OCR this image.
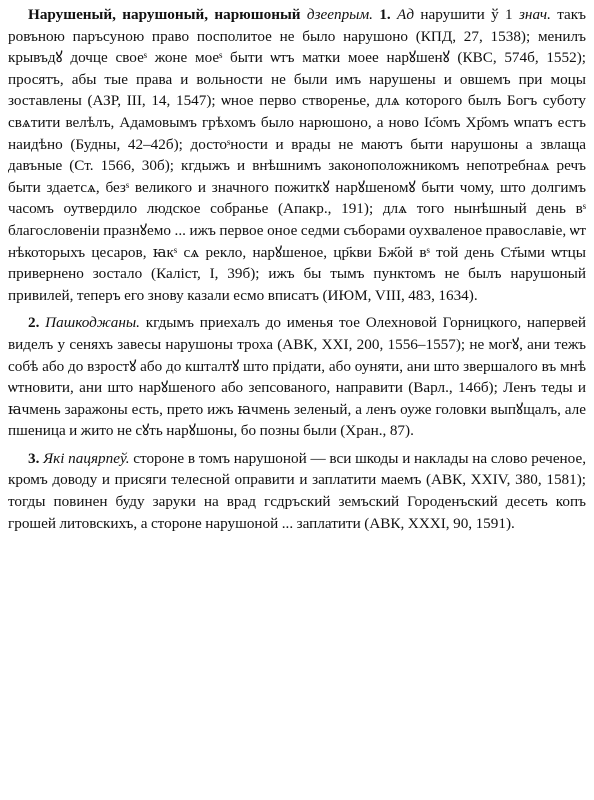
Нарушеный, нарушоный, нарюшоный дзеепрым. 1. Ад нарушити ў 1 знач. такъ ровъною паръсуною право посполитое не было нарушоно (КПД, 27, 1538); менилъ крывъдꙋ дочце своеˢ жоне моеˢ быти ѡтъ матки моее нарꙋшенꙋ (КВС, 574б, 1552); просятъ, абы тые права и вольности не были имъ нарушены и овшемъ при моцы зоставлены (АЗР, III, 14, 1547); ѡное перво створенье, длѧ которого былъ Богъ суботу свѧтити велѣлъ, Адамовымъ грѣхомъ было нарюшоно, а ново Іс҃омъ Хр҃омъ ѡпатъ естъ наидѣно (Будны, 42–42б); достоˢности и врады не маютъ быти нарушоны а звлаща давъные (Ст. 1566, 30б); кгдыжъ и внѣшнимъ законоположникомъ непотребнаѧ речъ быти здаетсѧ, безˢ великого и значного пожиткꙋ нарꙋшеномꙋ быти чому, што долгимъ часомъ оутвердило людское собранье (Апакр., 191); длѧ того нынѣшный день вˢ благословеніи празнꙋемо ... ижъ первое оное седми съборами оухваленое православіе, ѡт нѣкоторыхъ цесаров, ꙗкˢ сѧ рекло, нарꙋшеное, цр҃кви Бж҃ой вˢ той день Ст҃ыми ѡтцы привернено зостало (Каліст, I, 39б); ижъ бы тымъ пунктомъ не былъ нарушоный привилей, теперъ его знову казали есмо вписатъ (ИЮМ, VIII, 483, 1634).

2. Пашкоджаны. кгдымъ приехалъ до именья тое Олехновой Горницкого, напервей виделъ у сеняхъ завесы нарушоны троха (АВК, XXI, 200, 1556–1557); не могꙋ, ани тежъ собѣ або до взростꙋ або до кшталтꙋ што прідати, або оуняти, ани што звершалого въ мнѣ ѡтновити, ани што нарꙋшеного або зепсованого, направити (Варл., 146б); Ленъ теды и ꙗчмень заражоны есть, прето ижъ ꙗчмень зеленый, а ленъ оуже головки выпꙋщалъ, але пшеница и жито не сꙋть нарꙋшоны, бо позны были (Хран., 87).

3. Які пацярпеў. стороне в томъ нарушоной — вси шкоды и наклады на слово реченое, кромъ доводу и присяги телесной оправити и заплатити маемъ (АВК, XXIV, 380, 1581); тогды повинен буду заруки на врад гсдръский земъский Городенъский десеть копъ грошей литовскихъ, а стороне нарушоной ... заплатити (АВК, XXXI, 90, 1591).
